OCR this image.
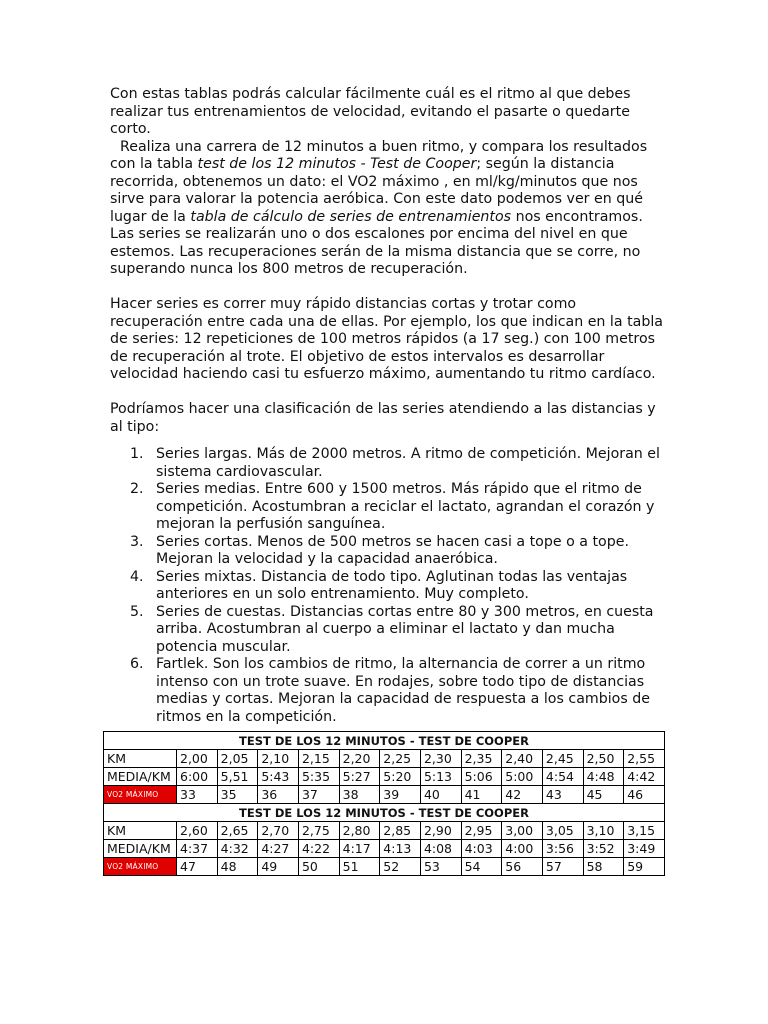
Con estas tablas podrás calcular fácilmente cuál es el ritmo al que debes realizar tus entrenamientos de velocidad, evitando el pasarte o quedarte corto.
Realiza una carrera de 12 minutos a buen ritmo, y compara los resultados con la tabla test de los 12 minutos - Test de Cooper; según la distancia recorrida, obtenemos un dato: el VO2 máximo , en ml/kg/minutos que nos sirve para valorar la potencia aeróbica. Con este dato podemos ver en qué lugar de la tabla de cálculo de series de entrenamientos nos encontramos. Las series se realizarán uno o dos escalones por encima del nivel en que estemos. Las recuperaciones serán de la misma distancia que se corre, no superando nunca los 800 metros de recuperación.

Hacer series es correr muy rápido distancias cortas y trotar como recuperación entre cada una de ellas. Por ejemplo, los que indican en la tabla de series: 12 repeticiones de 100 metros rápidos (a 17 seg.) con 100 metros de recuperación al trote. El objetivo de estos intervalos es desarrollar velocidad haciendo casi tu esfuerzo máximo, aumentando tu ritmo cardíaco.

Podríamos hacer una clasificación de las series atendiendo a las distancias y al tipo:

1. Series largas. Más de 2000 metros. A ritmo de competición. Mejoran el sistema cardiovascular.
2. Series medias. Entre 600 y 1500 metros. Más rápido que el ritmo de competición. Acostumbran a reciclar el lactato, agrandan el corazón y mejoran la perfusión sanguínea.
3. Series cortas. Menos de 500 metros se hacen casi a tope o a tope. Mejoran la velocidad y la capacidad anaeróbica.
4. Series mixtas. Distancia de todo tipo. Aglutinan todas las ventajas anteriores en un solo entrenamiento. Muy completo.
5. Series de cuestas. Distancias cortas entre 80 y 300 metros, en cuesta arriba. Acostumbran al cuerpo a eliminar el lactato y dan mucha potencia muscular.
6. Fartlek. Son los cambios de ritmo, la alternancia de correr a un ritmo intenso con un trote suave. En rodajes, sobre todo tipo de distancias medias y cortas. Mejoran la capacidad de respuesta a los cambios de ritmos en la competición.
TEST DE LOS 12 MINUTOS - TEST DE COOPER												
KM	2,00	2,05	2,10	2,15	2,20	2,25	2,30	2,35	2,40	2,45	2,50	2,55
MEDIA/KM	6:00	5,51	5:43	5:35	5:27	5:20	5:13	5:06	5:00	4:54	4:48	4:42
VO2 MÁXIMO	33	35	36	37	38	39	40	41	42	43	45	46
TEST DE LOS 12 MINUTOS - TEST DE COOPER												
KM	2,60	2,65	2,70	2,75	2,80	2,85	2,90	2,95	3,00	3,05	3,10	3,15
MEDIA/KM	4:37	4:32	4:27	4:22	4:17	4:13	4:08	4:03	4:00	3:56	3:52	3:49
VO2 MÁXIMO	47	48	49	50	51	52	53	54	56	57	58	59
